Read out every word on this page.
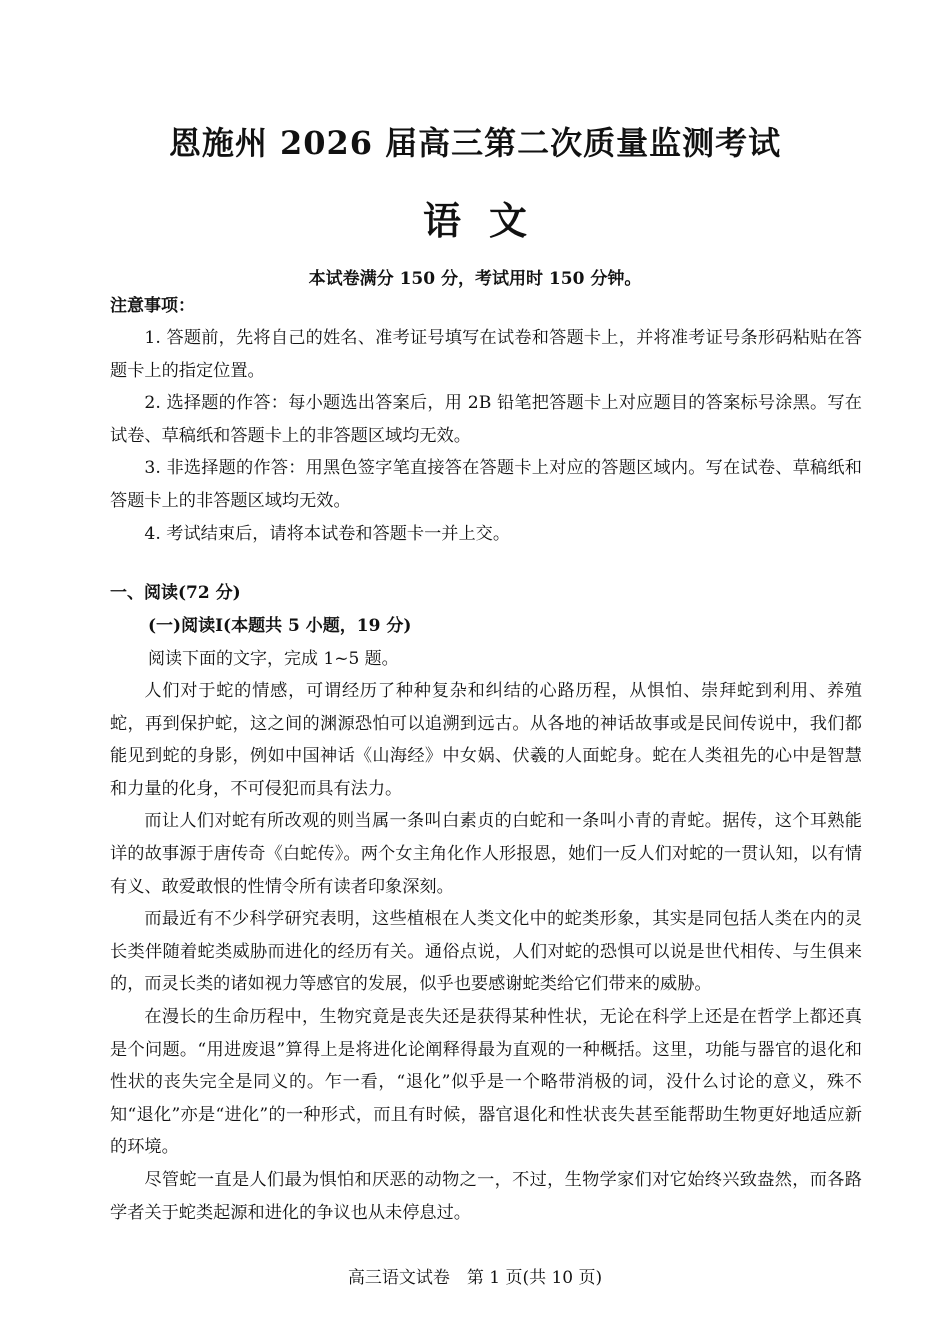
恩施州 2026 届高三第二次质量监测考试
语文
本试卷满分 150 分，考试用时 150 分钟。
注意事项：

1. 答题前，先将自己的姓名、准考证号填写在试卷和答题卡上，并将准考证号条形码粘贴在答题卡上的指定位置。

2. 选择题的作答：每小题选出答案后，用 2B 铅笔把答题卡上对应题目的答案标号涂黑。写在试卷、草稿纸和答题卡上的非答题区域均无效。

3. 非选择题的作答：用黑色签字笔直接答在答题卡上对应的答题区域内。写在试卷、草稿纸和答题卡上的非答题区域均无效。

4. 考试结束后，请将本试卷和答题卡一并上交。

一、阅读(72 分)
(一)阅读Ⅰ(本题共 5 小题，19 分)
阅读下面的文字，完成 1~5 题。

人们对于蛇的情感，可谓经历了种种复杂和纠结的心路历程，从惧怕、崇拜蛇到利用、养殖蛇，再到保护蛇，这之间的渊源恐怕可以追溯到远古。从各地的神话故事或是民间传说中，我们都能见到蛇的身影，例如中国神话《山海经》中女娲、伏羲的人面蛇身。蛇在人类祖先的心中是智慧和力量的化身，不可侵犯而具有法力。

而让人们对蛇有所改观的则当属一条叫白素贞的白蛇和一条叫小青的青蛇。据传，这个耳熟能详的故事源于唐传奇《白蛇传》。两个女主角化作人形报恩，她们一反人们对蛇的一贯认知，以有情有义、敢爱敢恨的性情令所有读者印象深刻。

而最近有不少科学研究表明，这些植根在人类文化中的蛇类形象，其实是同包括人类在内的灵长类伴随着蛇类威胁而进化的经历有关。通俗点说，人们对蛇的恐惧可以说是世代相传、与生俱来的，而灵长类的诸如视力等感官的发展，似乎也要感谢蛇类给它们带来的威胁。

在漫长的生命历程中，生物究竟是丧失还是获得某种性状，无论在科学上还是在哲学上都还真是个问题。“用进废退”算得上是将进化论阐释得最为直观的一种概括。这里，功能与器官的退化和性状的丧失完全是同义的。乍一看，“退化”似乎是一个略带消极的词，没什么讨论的意义，殊不知“退化”亦是“进化”的一种形式，而且有时候，器官退化和性状丧失甚至能帮助生物更好地适应新的环境。

尽管蛇一直是人们最为惧怕和厌恶的动物之一，不过，生物学家们对它始终兴致盎然，而各路学者关于蛇类起源和进化的争议也从未停息过。

高三语文试卷　第 1 页(共 10 页)
